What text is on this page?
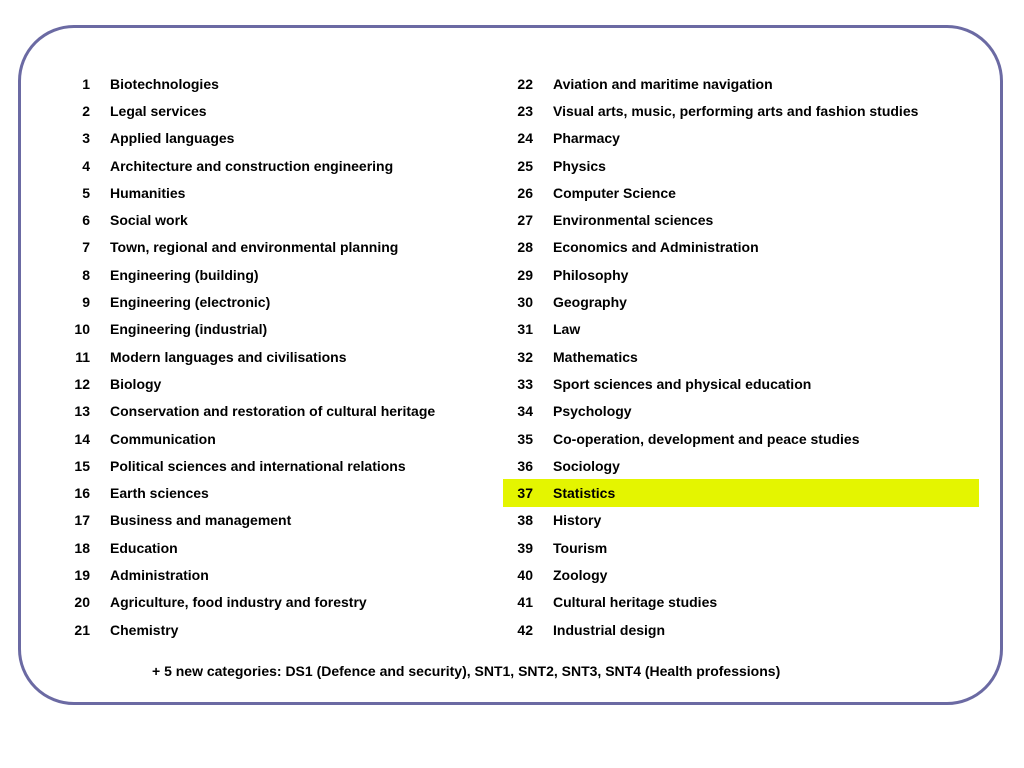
1 Biotechnologies
2 Legal services
3 Applied languages
4 Architecture and construction engineering
5 Humanities
6 Social work
7 Town, regional and environmental planning
8 Engineering (building)
9 Engineering (electronic)
10 Engineering (industrial)
11 Modern languages and civilisations
12 Biology
13 Conservation and restoration of cultural heritage
14 Communication
15 Political sciences and international relations
16 Earth sciences
17 Business and management
18 Education
19 Administration
20 Agriculture, food industry and forestry
21 Chemistry
22 Aviation and maritime navigation
23 Visual arts, music, performing arts and fashion studies
24 Pharmacy
25 Physics
26 Computer Science
27 Environmental sciences
28 Economics and Administration
29 Philosophy
30 Geography
31 Law
32 Mathematics
33 Sport sciences and physical education
34 Psychology
35 Co-operation, development and peace studies
36 Sociology
37 Statistics
38 History
39 Tourism
40 Zoology
41 Cultural heritage studies
42 Industrial design
+ 5 new categories: DS1 (Defence and security), SNT1, SNT2, SNT3, SNT4 (Health professions)
